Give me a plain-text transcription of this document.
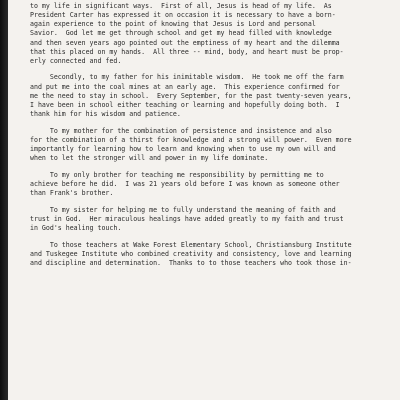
to my life in significant ways.  First of all, Jesus is head of my life.  As
President Carter has expressed it on occasion it is necessary to have a born-
again experience to the point of knowing that Jesus is Lord and personal
Savior.  God let me get through school and get my head filled with knowledge
and then seven years ago pointed out the emptiness of my heart and the dilemma
that this placed on my hands.  All three -- mind, body, and heart must be prop-
erly connected and fed.
Secondly, to my father for his inimitable wisdom.  He took me off the farm
and put me into the coal mines at an early age.  This experience confirmed for
me the need to stay in school.  Every September, for the past twenty-seven years,
I have been in school either teaching or learning and hopefully doing both.  I
thank him for his wisdom and patience.
To my mother for the combination of persistence and insistence and also
for the combination of a thirst for knowledge and a strong will power.  Even more
importantly for learning how to learn and knowing when to use my own will and
when to let the stronger will and power in my life dominate.
To my only brother for teaching me responsibility by permitting me to
achieve before he did.  I was 21 years old before I was known as someone other
than Frank's brother.
To my sister for helping me to fully understand the meaning of faith and
trust in God.  Her miraculous healings have added greatly to my faith and trust
in God's healing touch.
To those teachers at Wake Forest Elementary School, Christiansburg Institute
and Tuskegee Institute who combined creativity and consistency, love and learning
and discipline and determination.  Thanks to to those teachers who took those in-
